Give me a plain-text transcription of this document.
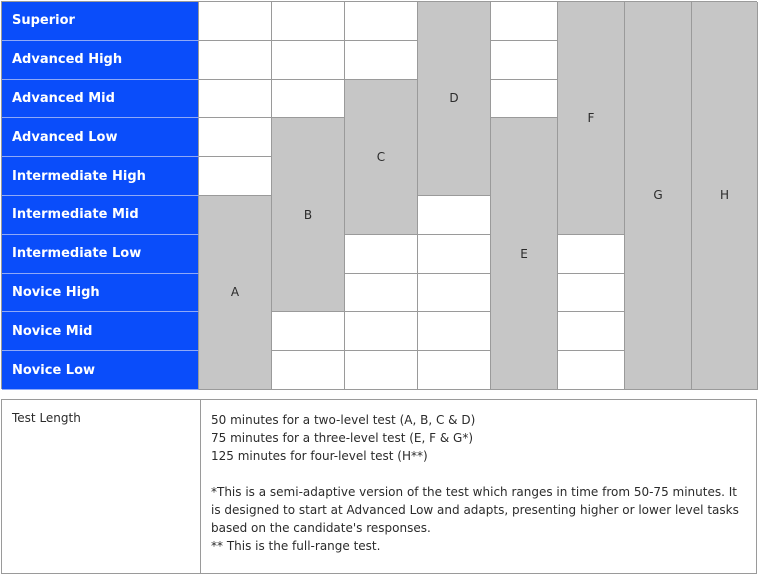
Superior
Advanced High
Advanced Mid
Advanced Low
Intermediate High
Intermediate Mid
Intermediate Low
Novice High
Novice Mid
Novice Low
A
B
C
D
E
F
G	H
Test Length	50 minutes for a two-level test (A, B, C & D)
75 minutes for a three-level test (E, F & G*)
125 minutes for four-level test (H**)
*This is a semi-adaptive version of the test which ranges in time from 50-75 minutes. It
is designed to start at Advanced Low and adapts, presenting higher or lower level tasks
based on the candidate's responses.
** This is the full-range test.
